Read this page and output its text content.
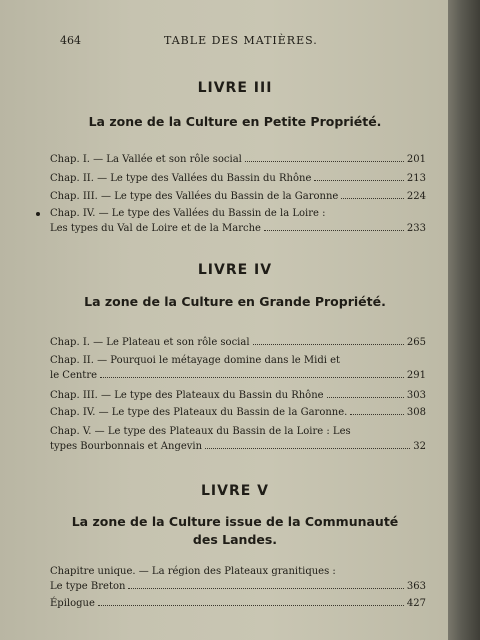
464	TABLE DES MATIÈRES.
LIVRE III
La zone de la Culture en Petite Propriété.
Chap. I. — La Vallée et son rôle social	201
Chap. II. — Le type des Vallées du Bassin du Rhône	213
Chap. III. — Le type des Vallées du Bassin de la Garonne	224
Chap. IV. — Le type des Vallées du Bassin de la Loire :
Les types du Val de Loire et de la Marche	233
LIVRE IV
La zone de la Culture en Grande Propriété.
Chap. I. — Le Plateau et son rôle social	265
Chap. II. — Pourquoi le métayage domine dans le Midi et
le Centre	291
Chap. III. — Le type des Plateaux du Bassin du Rhône	303
Chap. IV. — Le type des Plateaux du Bassin de la Garonne.	308
Chap. V. — Le type des Plateaux du Bassin de la Loire : Les
types Bourbonnais et Angevin	32
LIVRE V
La zone de la Culture issue de la Communauté
des Landes.
Chapitre unique. — La région des Plateaux granitiques :
Le type Breton	363
Épilogue	427
